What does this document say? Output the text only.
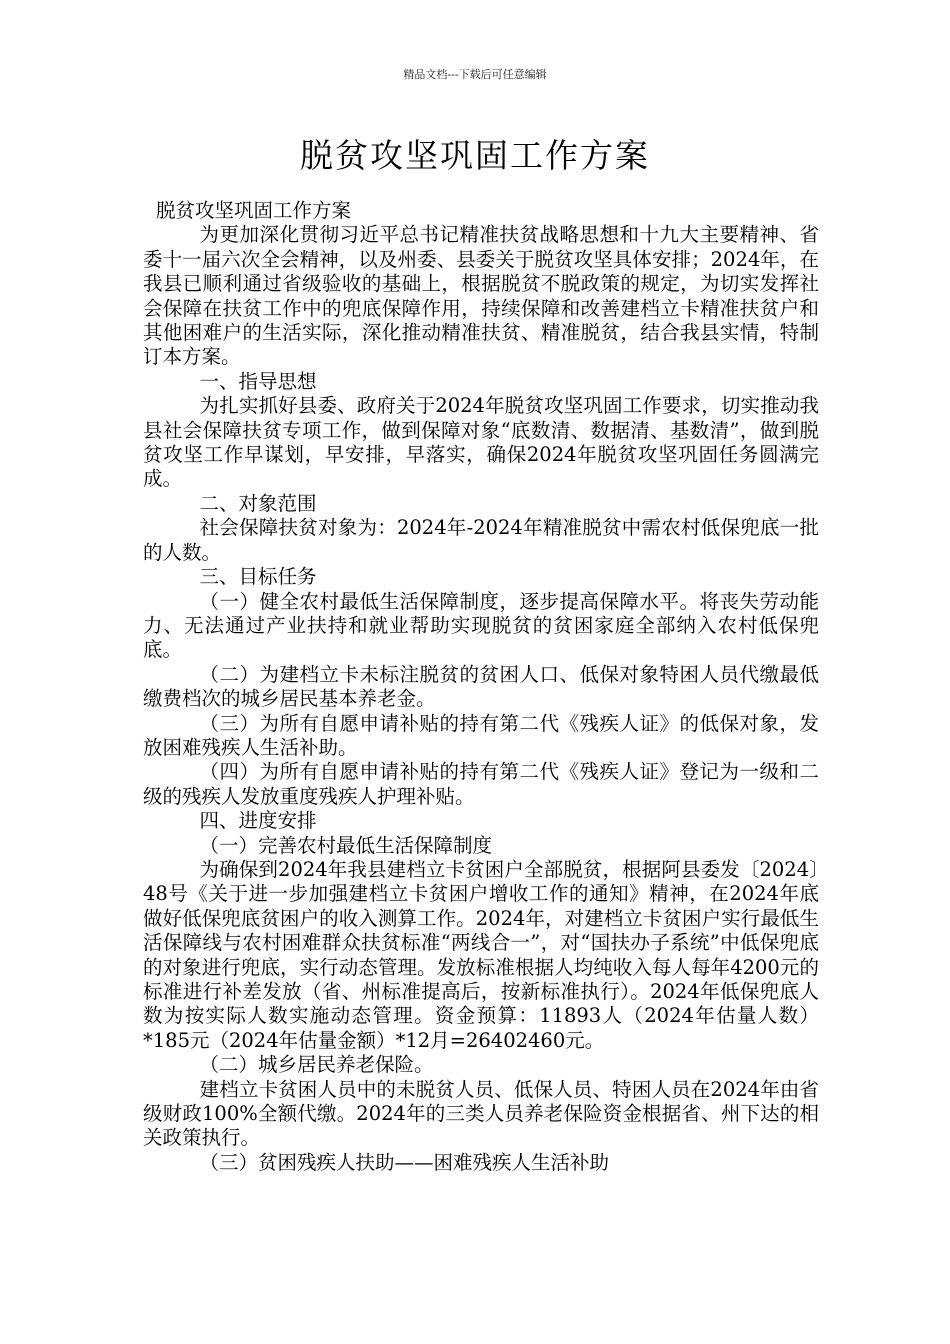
精品文档---下载后可任意编辑
脱贫攻坚巩固工作方案

脱贫攻坚巩固工作方案

为更加深化贯彻习近平总书记精准扶贫战略思想和十九大主要精神、省委十一届六次全会精神，以及州委、县委关于脱贫攻坚具体安排；2024年，在我县已顺利通过省级验收的基础上，根据脱贫不脱政策的规定，为切实发挥社会保障在扶贫工作中的兜底保障作用，持续保障和改善建档立卡精准扶贫户和其他困难户的生活实际，深化推动精准扶贫、精准脱贫，结合我县实情，特制订本方案。

一、指导思想

为扎实抓好县委、政府关于2024年脱贫攻坚巩固工作要求，切实推动我县社会保障扶贫专项工作，做到保障对象“底数清、数据清、基数清”，做到脱贫攻坚工作早谋划，早安排，早落实，确保2024年脱贫攻坚巩固任务圆满完成。

二、对象范围

社会保障扶贫对象为：2024年-2024年精准脱贫中需农村低保兜底一批的人数。

三、目标任务

（一）健全农村最低生活保障制度，逐步提高保障水平。将丧失劳动能力、无法通过产业扶持和就业帮助实现脱贫的贫困家庭全部纳入农村低保兜底。

（二）为建档立卡未标注脱贫的贫困人口、低保对象特困人员代缴最低缴费档次的城乡居民基本养老金。

（三）为所有自愿申请补贴的持有第二代《残疾人证》的低保对象，发放困难残疾人生活补助。

（四）为所有自愿申请补贴的持有第二代《残疾人证》登记为一级和二级的残疾人发放重度残疾人护理补贴。

四、进度安排

（一）完善农村最低生活保障制度

为确保到2024年我县建档立卡贫困户全部脱贫，根据阿县委发〔2024〕48号《关于进一步加强建档立卡贫困户增收工作的通知》精神，在2024年底做好低保兜底贫困户的收入测算工作。2024年，对建档立卡贫困户实行最低生活保障线与农村困难群众扶贫标准“两线合一”，对“国扶办子系统”中低保兜底的对象进行兜底，实行动态管理。发放标准根据人均纯收入每人每年4200元的标准进行补差发放（省、州标准提高后，按新标准执行）。2024年低保兜底人数为按实际人数实施动态管理。资金预算：11893人（2024年估量人数）*185元（2024年估量金额）*12月=26402460元。

（二）城乡居民养老保险。

建档立卡贫困人员中的未脱贫人员、低保人员、特困人员在2024年由省级财政100%全额代缴。2024年的三类人员养老保险资金根据省、州下达的相关政策执行。

（三）贫困残疾人扶助——困难残疾人生活补助
